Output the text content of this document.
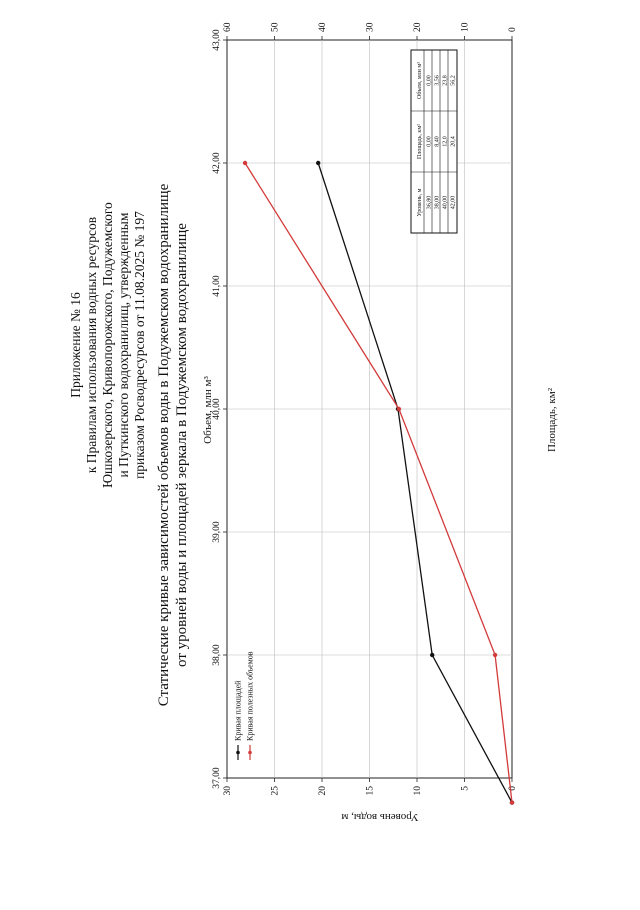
Приложение № 16 к Правилам использования водных ресурсов Юшкозерского, Кривопорожского, Подужемского и Путкинского водохранилищ, утвержденным приказом Росводресурсов от 11.08.2025 № 197 Статические кривые зависимостей объемов воды в Подужемском водохранилище от уровней воды и площадей зеркала в Подужемском водохранилище Объем, млн м³	Площадь, км²
Уровень воды, м
37,00
38,00
39,00
40,00
41,00
42,00
43,00	0
10
20
30
40
50
60
0
5
10
15
20
25
30
Кривая площадей Кривая полезных объемов
Уровень, м
Площадь, км²
Объем, млн м³
36,80
0,00
0,00
38,00
8,40
3,56
40,00
12,0
23,8
42,00
20,4
56,2
